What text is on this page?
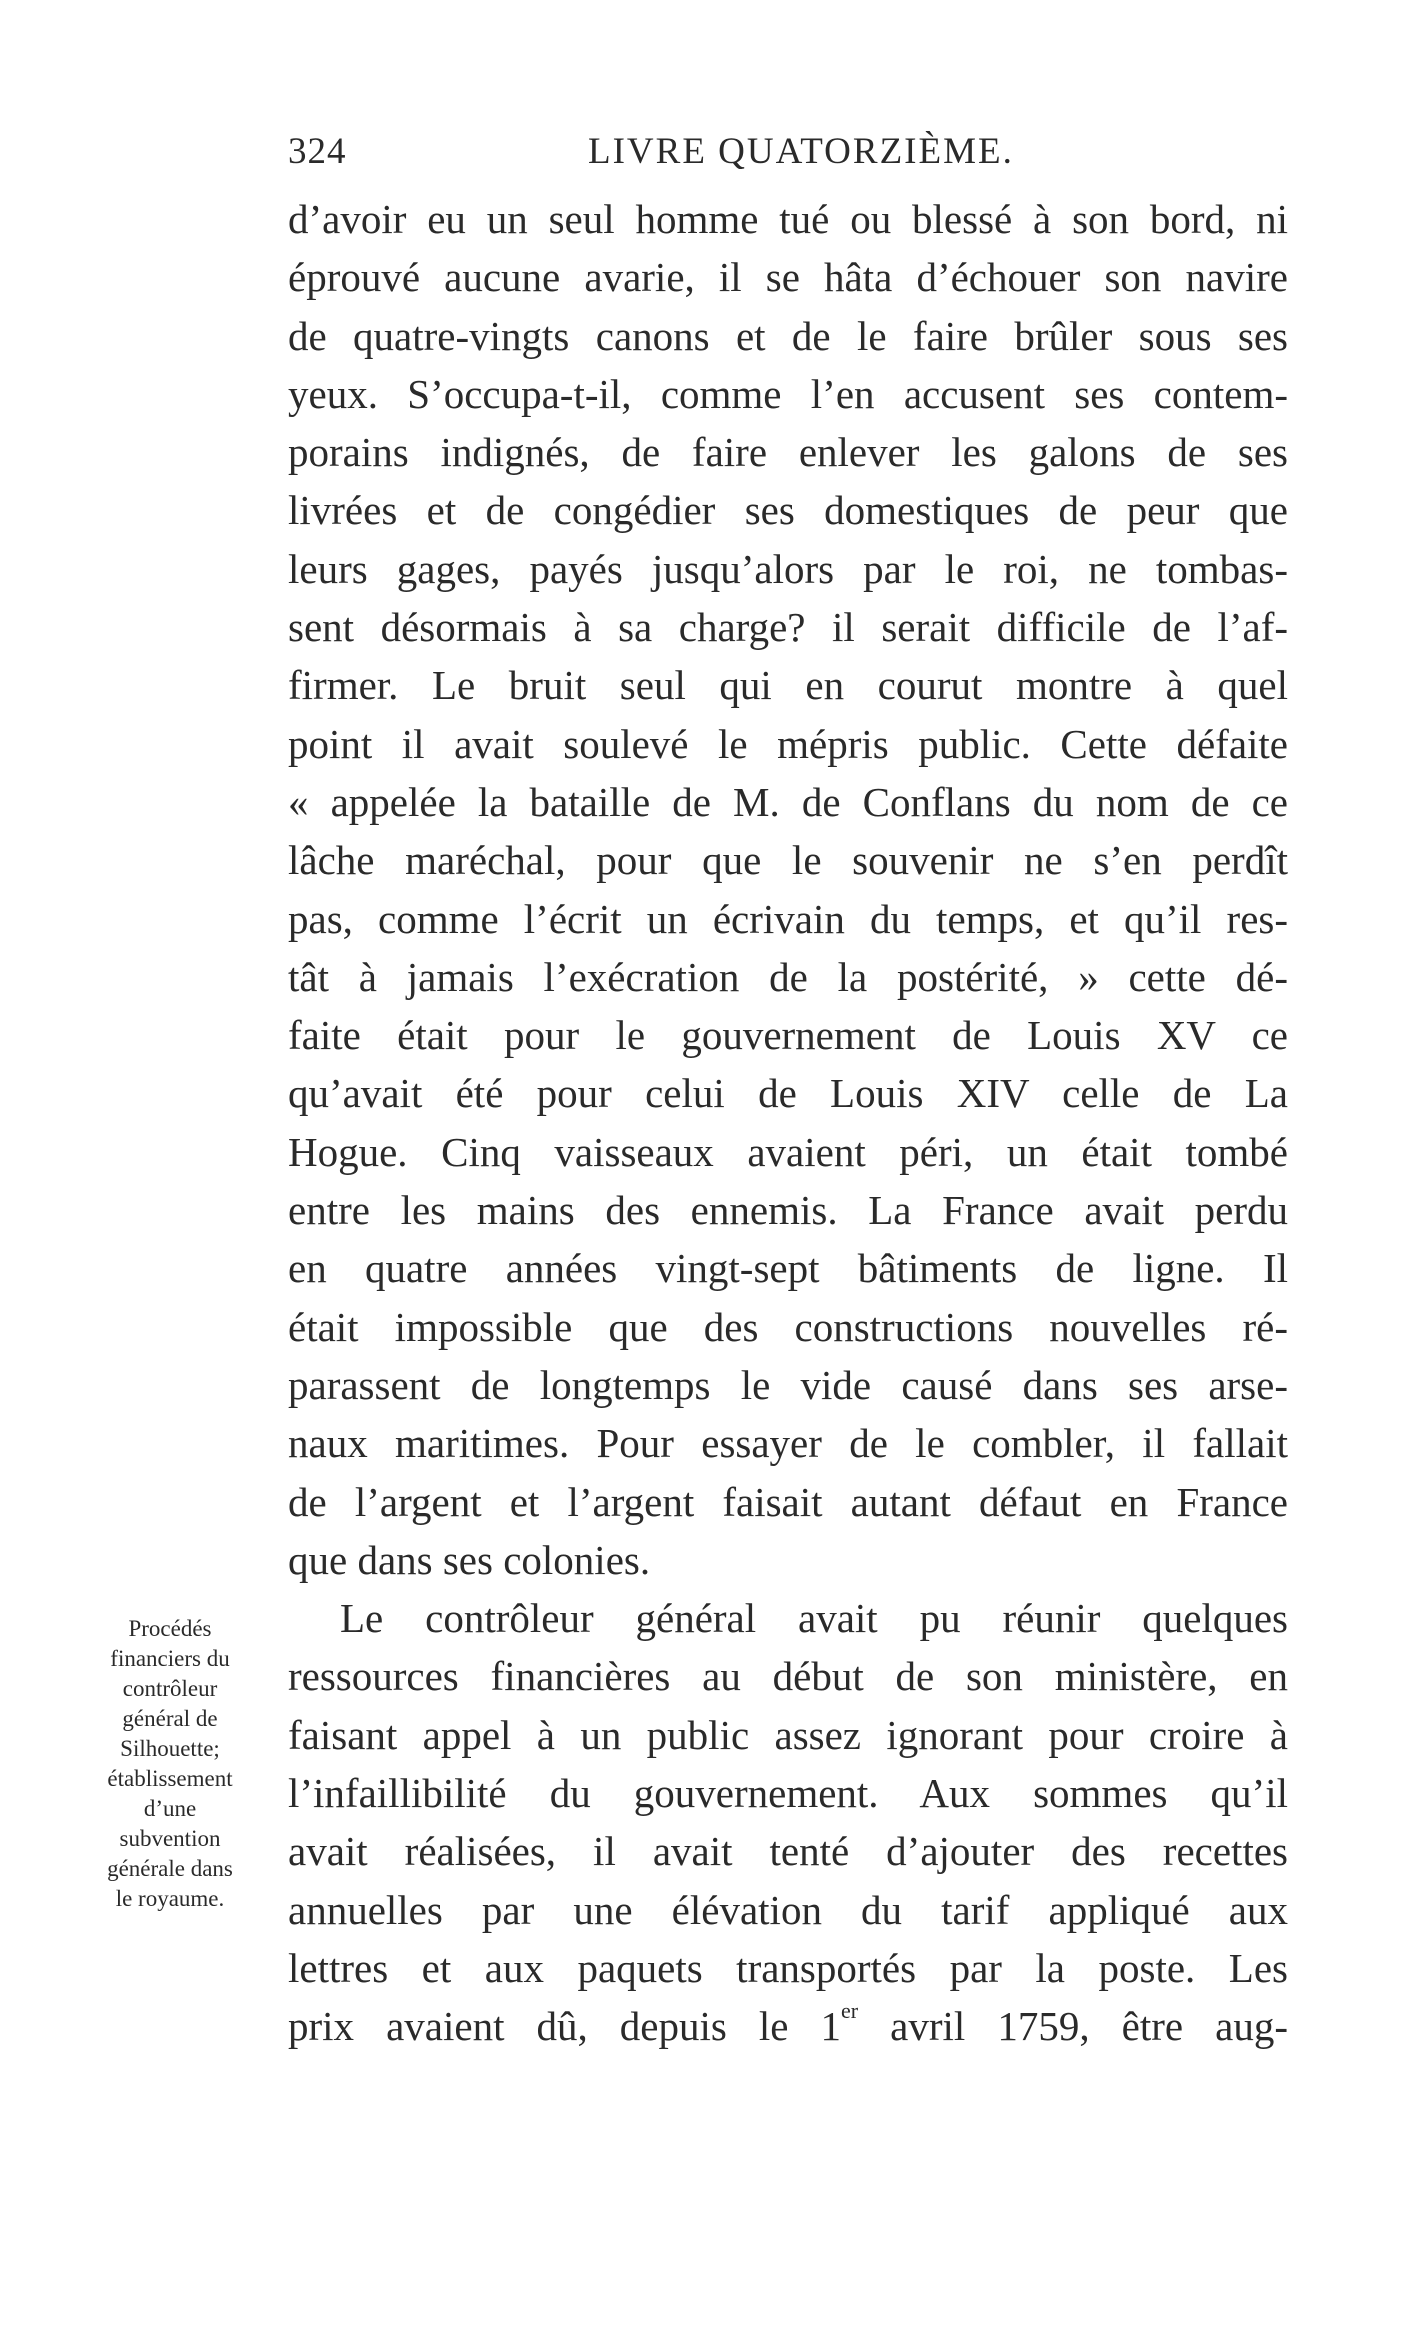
324	LIVRE QUATORZIÈME.
d’avoir eu un seul homme tué ou blessé à son bord, ni
éprouvé aucune avarie, il se hâta d’échouer son navire
de quatre-vingts canons et de le faire brûler sous ses
yeux. S’occupa-t-il, comme l’en accusent ses contem-
porains indignés, de faire enlever les galons de ses
livrées et de congédier ses domestiques de peur que
leurs gages, payés jusqu’alors par le roi, ne tombas-
sent désormais à sa charge? il serait difficile de l’af-
firmer. Le bruit seul qui en courut montre à quel
point il avait soulevé le mépris public. Cette défaite
« appelée la bataille de M. de Conflans du nom de ce
lâche maréchal, pour que le souvenir ne s’en perdît
pas, comme l’écrit un écrivain du temps, et qu’il res-
tât à jamais l’exécration de la postérité, » cette dé-
faite était pour le gouvernement de Louis XV ce
qu’avait été pour celui de Louis XIV celle de La
Hogue. Cinq vaisseaux avaient péri, un était tombé
entre les mains des ennemis. La France avait perdu
en quatre années vingt-sept bâtiments de ligne. Il
était impossible que des constructions nouvelles ré-
parassent de longtemps le vide causé dans ses arse-
naux maritimes. Pour essayer de le combler, il fallait
de l’argent et l’argent faisait autant défaut en France
que dans ses colonies.
Le contrôleur général avait pu réunir quelques
ressources financières au début de son ministère, en
faisant appel à un public assez ignorant pour croire à
l’infaillibilité du gouvernement. Aux sommes qu’il
avait réalisées, il avait tenté d’ajouter des recettes
annuelles par une élévation du tarif appliqué aux
lettres et aux paquets transportés par la poste. Les
prix avaient dû, depuis le 1er avril 1759, être aug-
Procédés
financiers du
contrôleur
général de
Silhouette;
établissement
d’une
subvention
générale dans
le royaume.
